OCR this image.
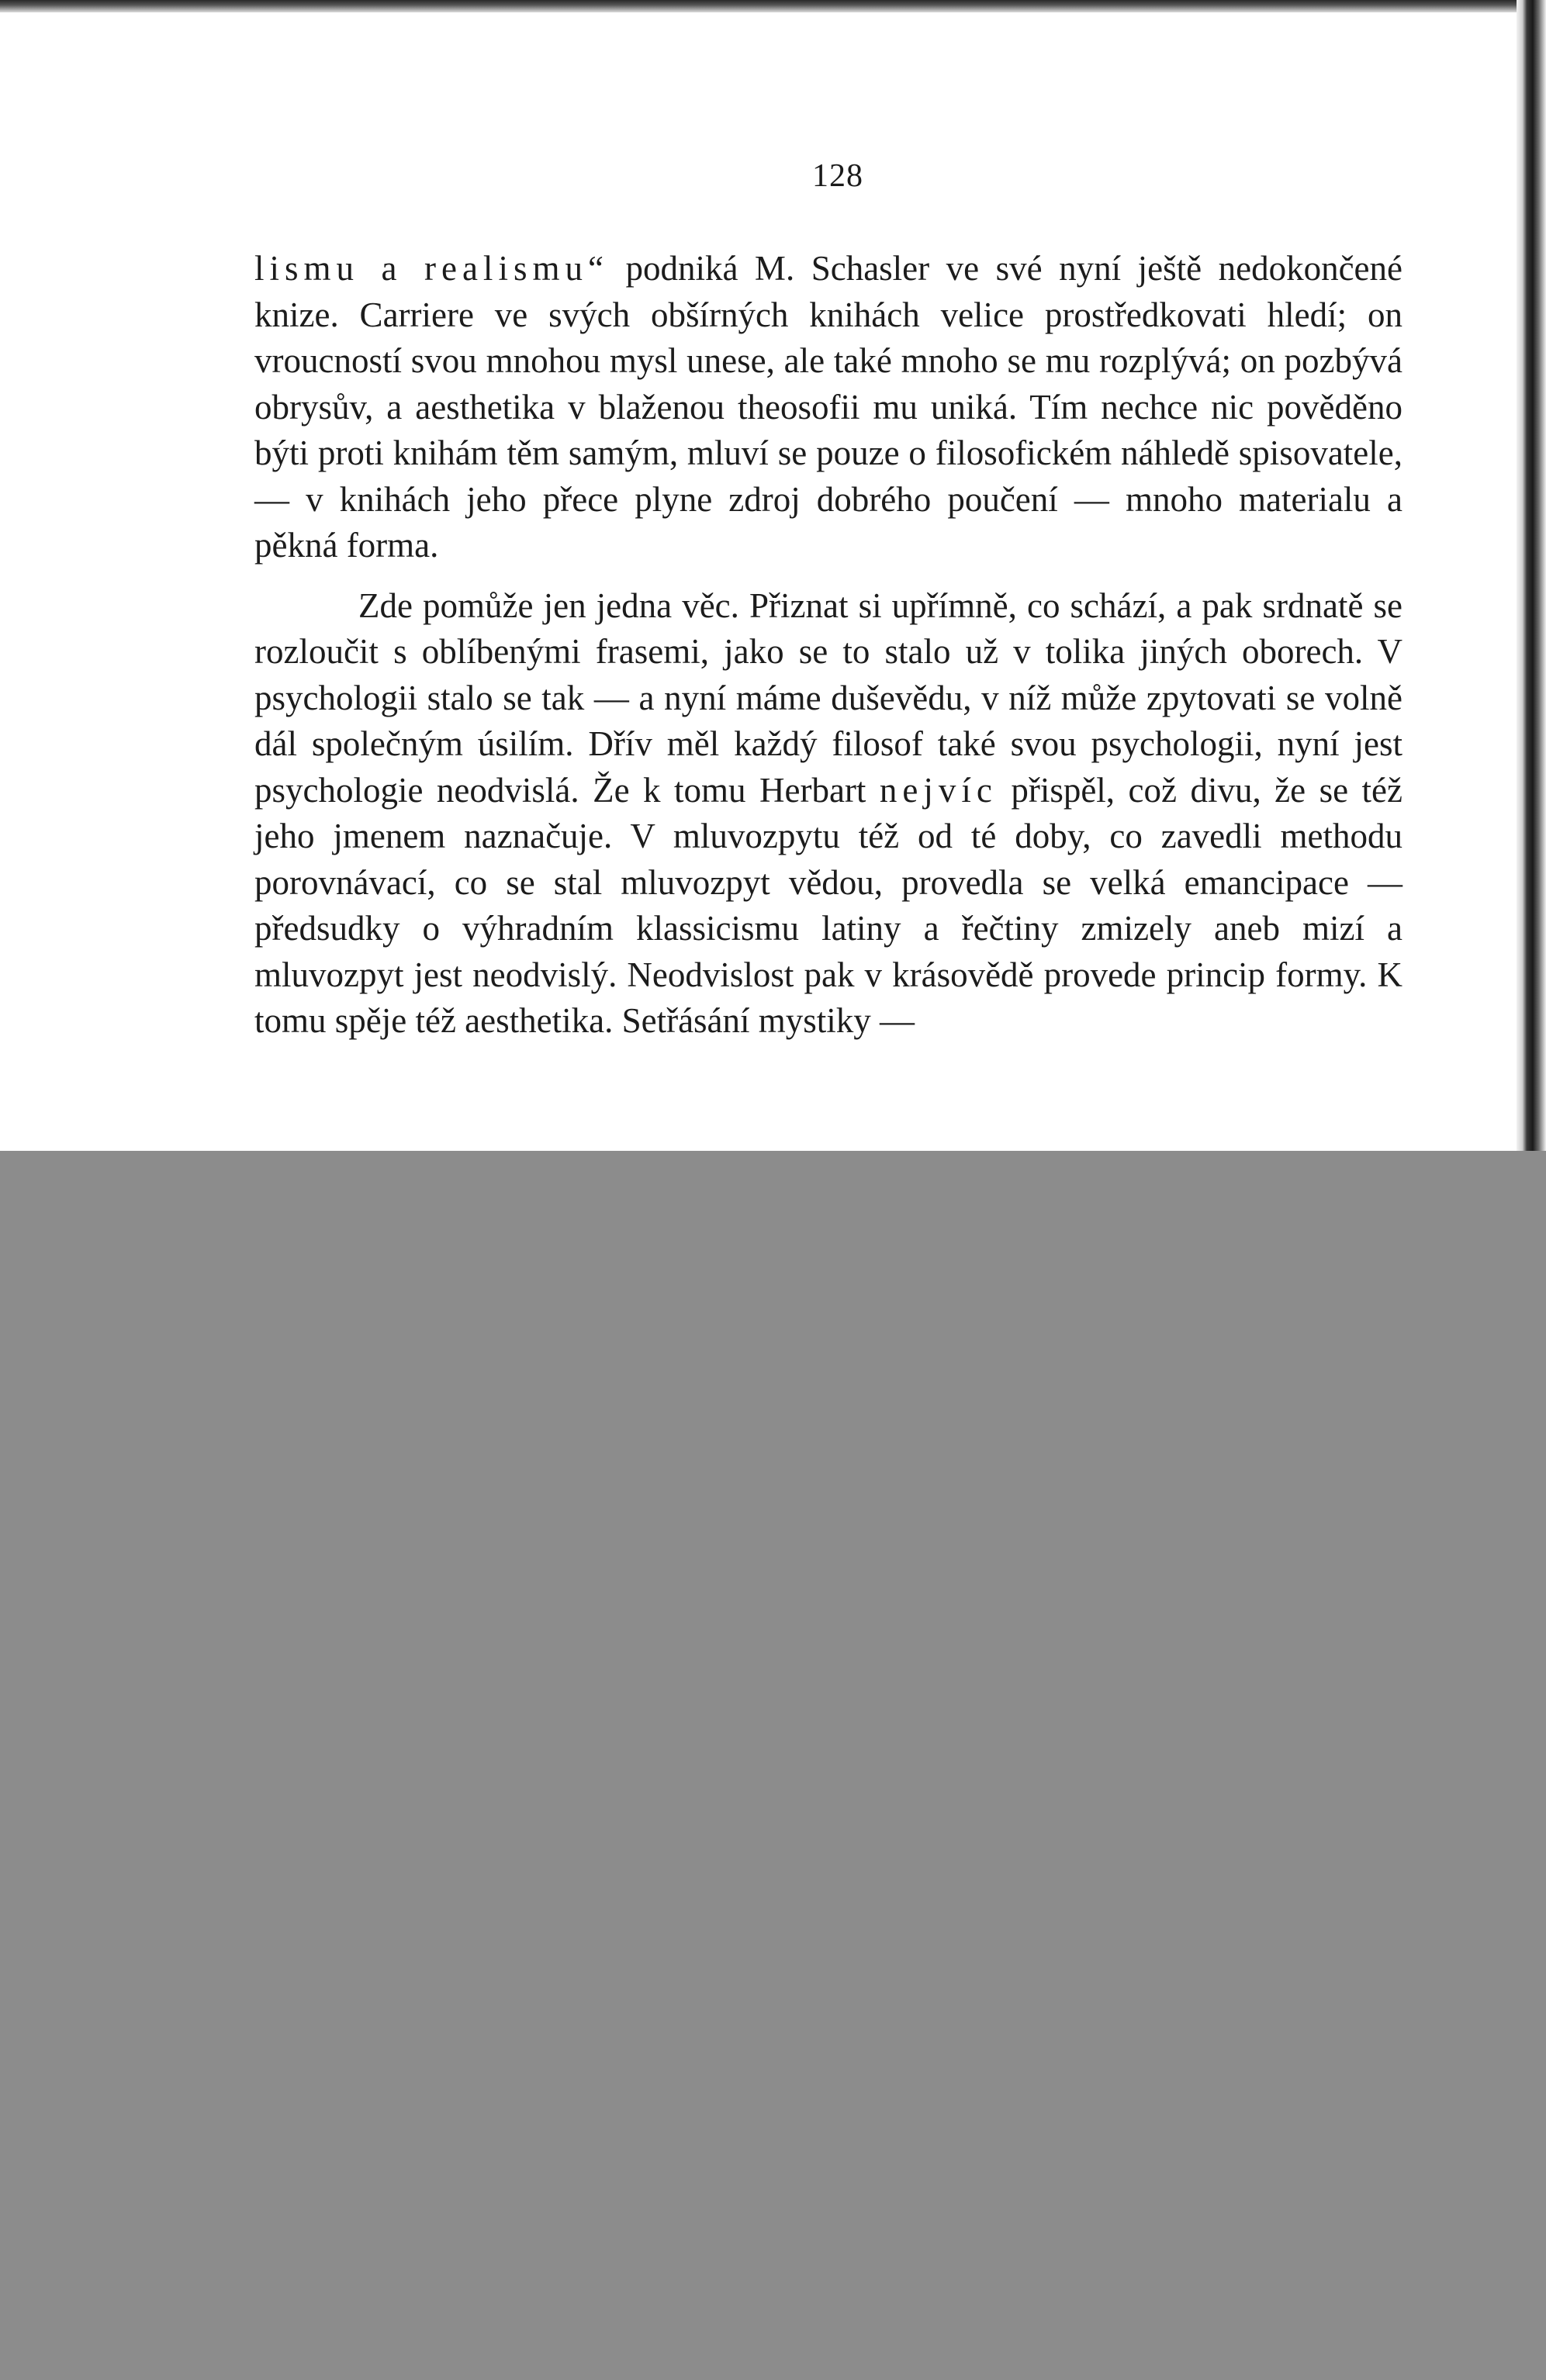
128

lismu a realismu“ podniká M. Schasler ve své nyní ještě nedokončené knize. Carriere ve svých obšírných knihách velice prostředkovati hledí; on vroucností svou mnohou mysl unese, ale také mnoho se mu rozplývá; on pozbývá obrysův, a aesthetika v blaženou theosofii mu uniká. Tím nechce nic pověděno býti proti knihám těm samým, mluví se pouze o filosofickém náhledě spisovatele, — v knihách jeho přece plyne zdroj dobrého poučení — mnoho materialu a pěkná forma.

Zde pomůže jen jedna věc. Přiznat si upřímně, co schází, a pak srdnatě se rozloučit s oblíbenými frasemi, jako se to stalo už v tolika jiných oborech. V psychologii stalo se tak — a nyní máme duševědu, v níž může zpytovati se volně dál společným úsilím. Dřív měl každý filosof také svou psychologii, nyní jest psychologie neodvislá. Že k tomu Herbart nejvíc přispěl, což divu, že se též jeho jmenem naznačuje. V mluvozpytu též od té doby, co zavedli methodu porovnávací, co se stal mluvozpyt vědou, provedla se velká emancipace — předsudky o výhradním klassicismu latiny a řečtiny zmizely aneb mizí a mluvozpyt jest neodvislý. Neodvislost pak v krásovědě provede princip formy. K tomu spěje též aesthetika. Setřásání mystiky —
